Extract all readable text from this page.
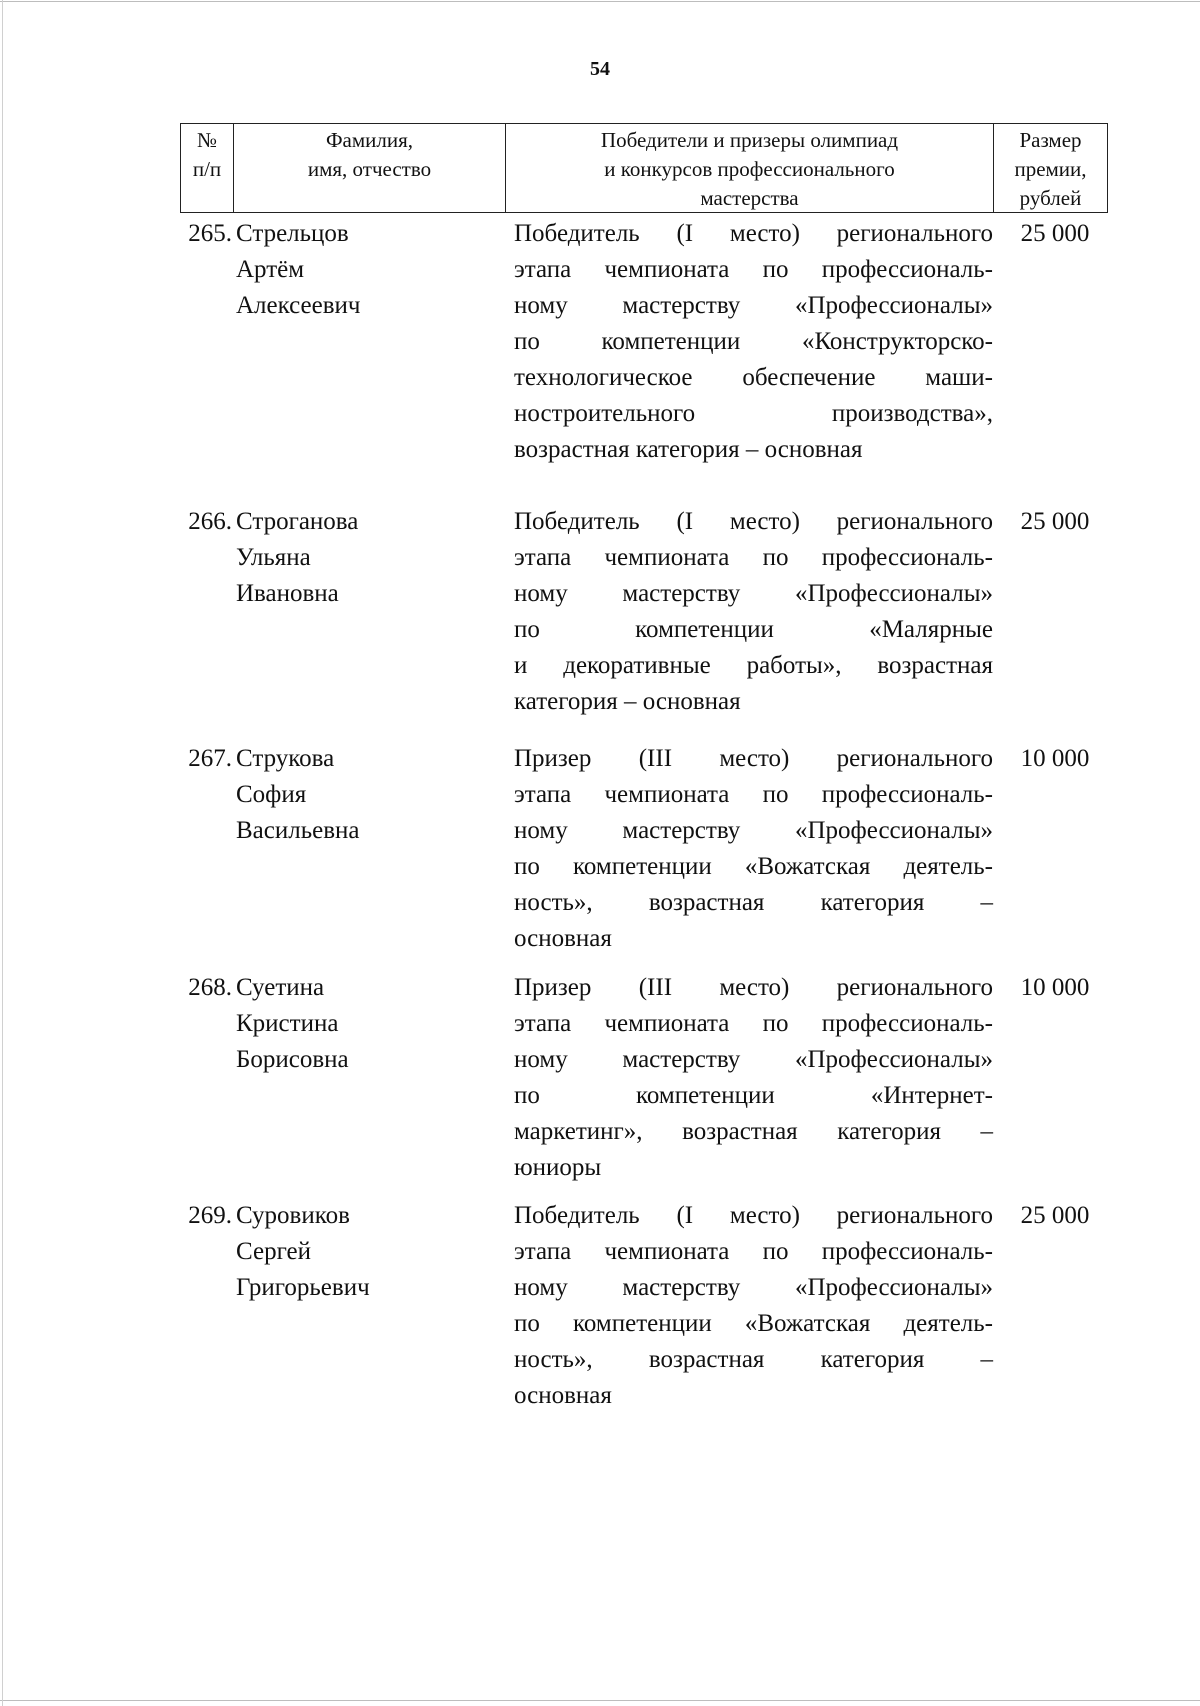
54
№
п/п
Фамилия,
имя, отчество
Победители и призеры олимпиад
и конкурсов профессионального
мастерства
Размер
премии,
рублей
265. Стрельцов
Артём
Алексеевич
Победитель (I место) регионального
этапа чемпионата по профессиональ-
ному мастерству «Профессионалы»
по компетенции «Конструкторско-
технологическое обеспечение маши-
ностроительного производства»,
возрастная категория – основная
25 000
266. Строганова
Ульяна
Ивановна
Победитель (I место) регионального
этапа чемпионата по профессиональ-
ному мастерству «Профессионалы»
по компетенции «Малярные
и декоративные работы», возрастная
категория – основная
25 000
267. Струкова
София
Васильевна
Призер (III место) регионального
этапа чемпионата по профессиональ-
ному мастерству «Профессионалы»
по компетенции «Вожатская деятель-
ность», возрастная категория –
основная
10 000
268. Суетина
Кристина
Борисовна
Призер (III место) регионального
этапа чемпионата по профессиональ-
ному мастерству «Профессионалы»
по компетенции «Интернет-
маркетинг», возрастная категория –
юниоры
10 000
269. Суровиков
Сергей
Григорьевич
Победитель (I место) регионального
этапа чемпионата по профессиональ-
ному мастерству «Профессионалы»
по компетенции «Вожатская деятель-
ность», возрастная категория –
основная
25 000
